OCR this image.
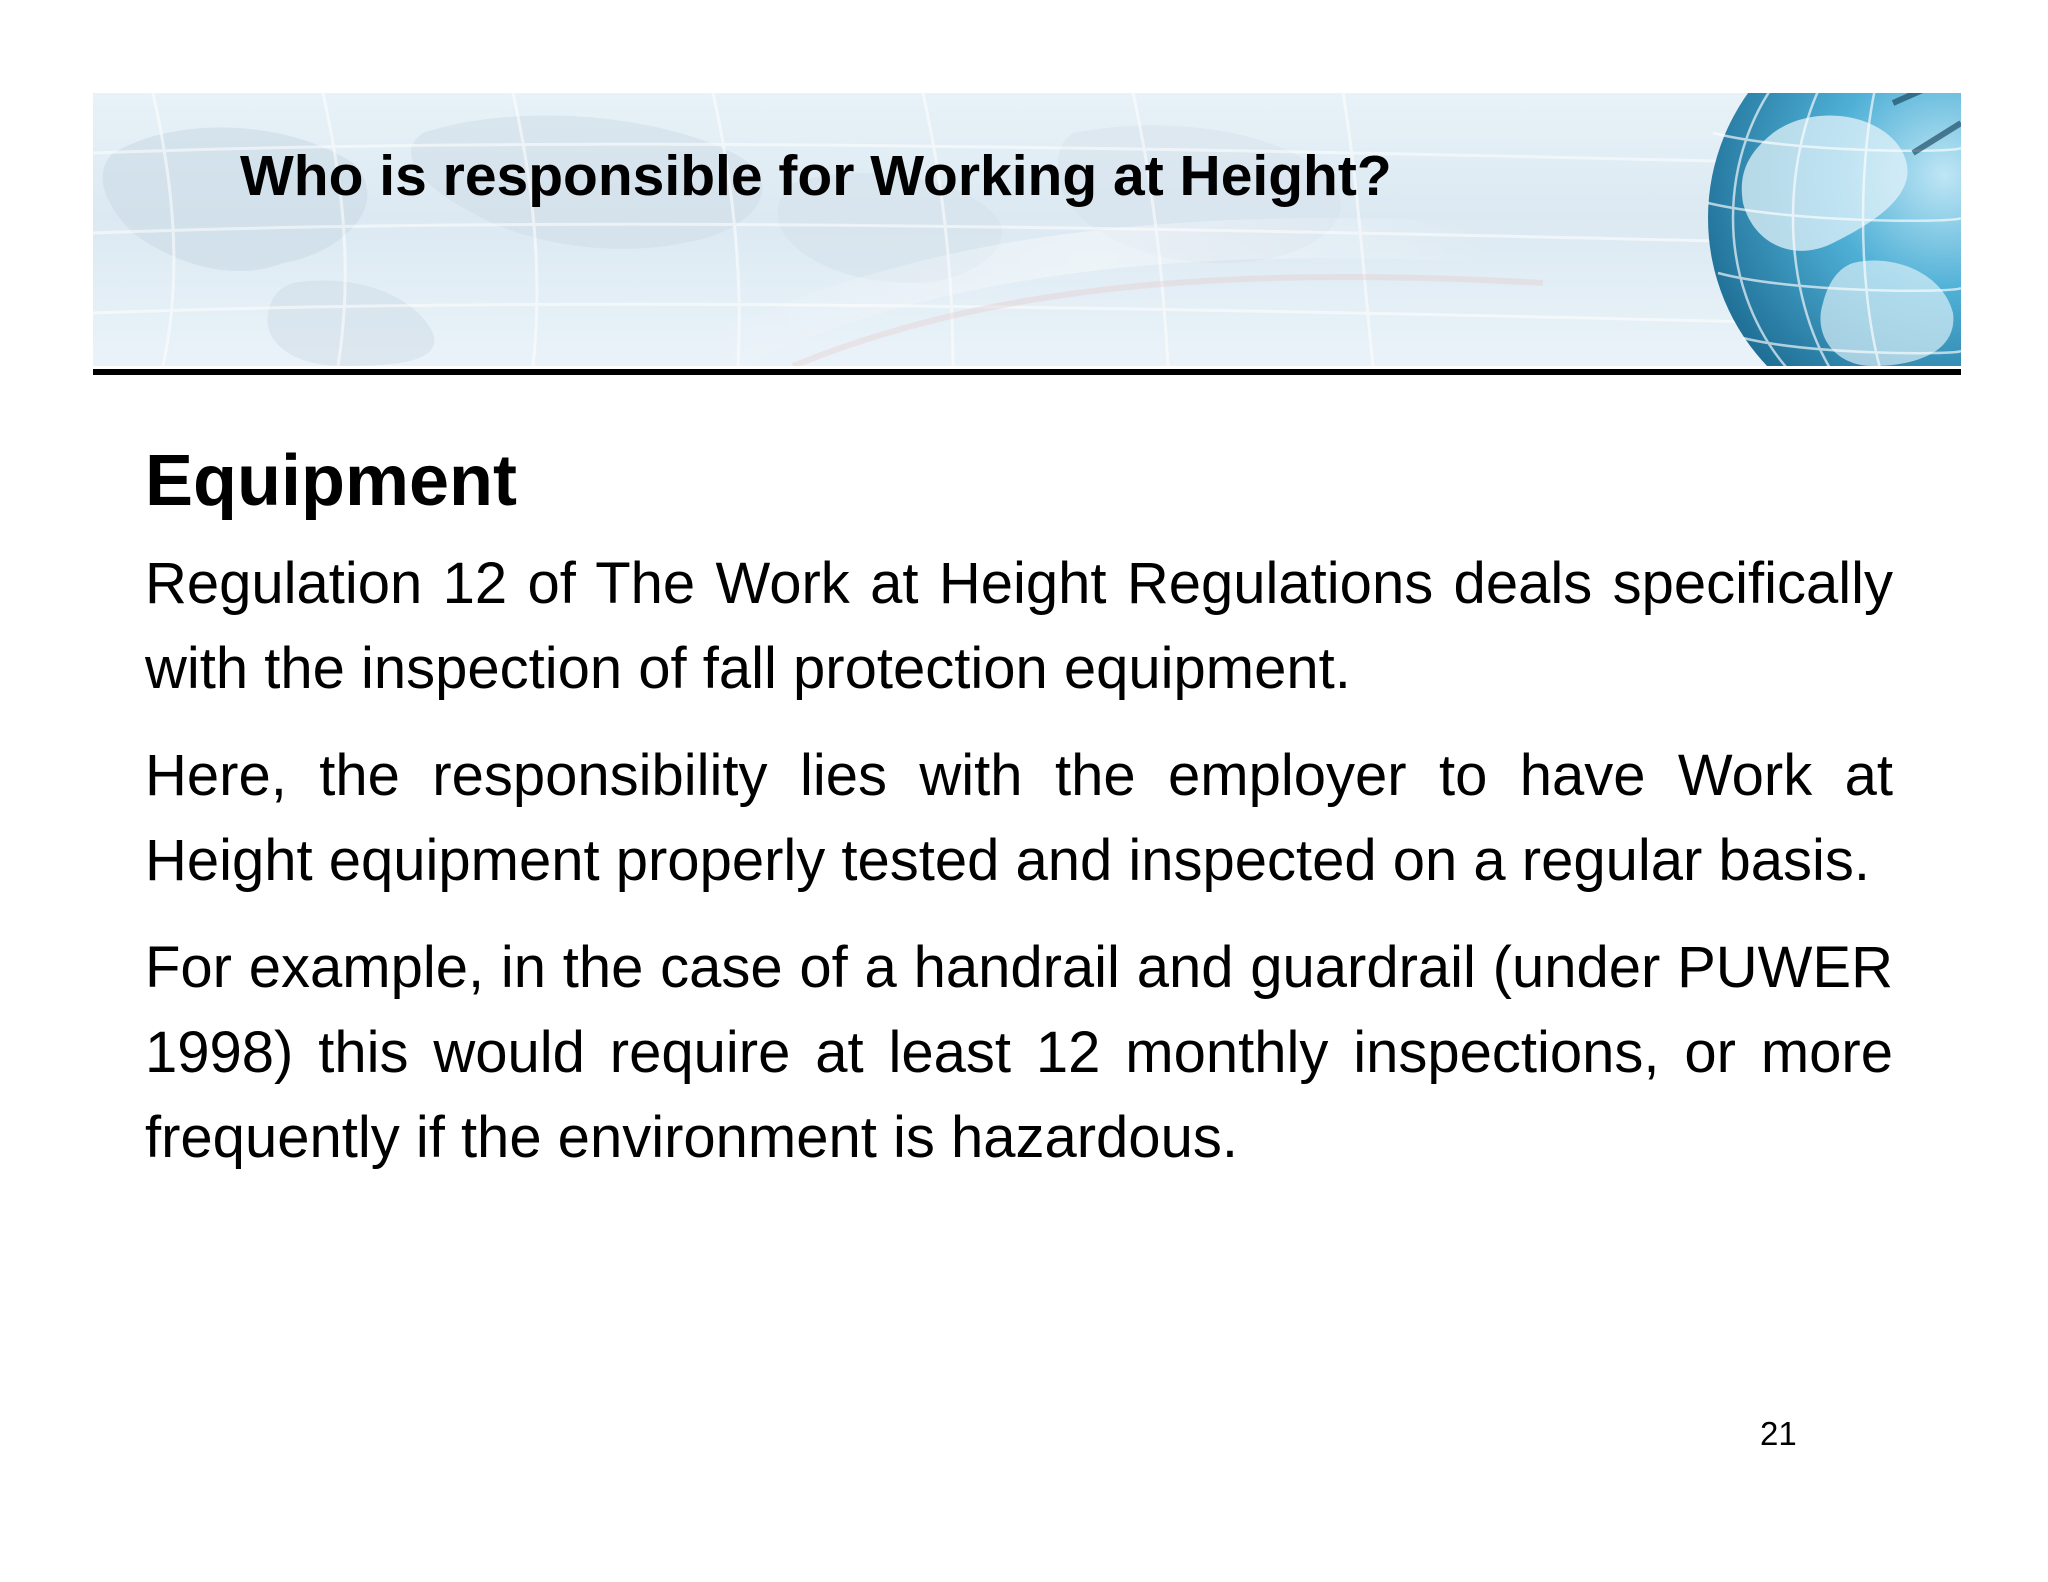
Who is responsible for Working at Height?
Equipment

Regulation 12 of The Work at Height Regulations deals specifically with the inspection of fall protection equipment.

Here, the responsibility lies with the employer to have Work at Height equipment properly tested and inspected on a regular basis.

For example, in the case of a handrail and guardrail (under PUWER 1998) this would require at least 12 monthly inspections, or more frequently if the environment is hazardous.

21
